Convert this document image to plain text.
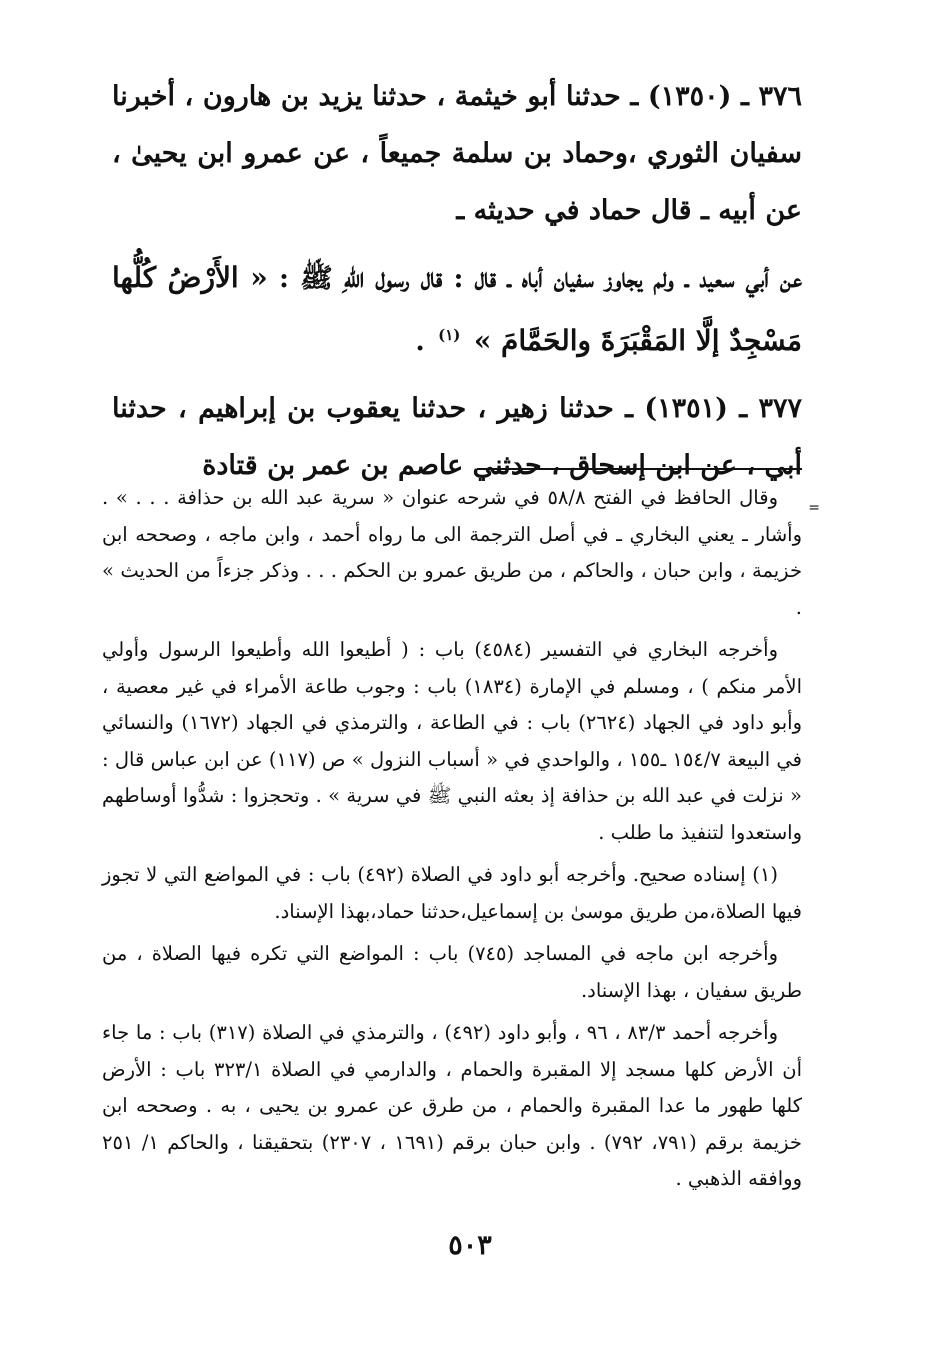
٣٧٦ ـ (١٣٥٠) ـ حدثنا أبو خيثمة ، حدثنا يزيد بن هارون ، أخبرنا سفيان الثوري ،وحماد بن سلمة جميعاً ، عن عمرو ابن يحيىٰ ، عن أبيه ـ قال حماد في حديثه ـ

عن أبي سعيد ـ ولم يجاوز سفيان أباه ـ قال : قال رسول اللّهِ ﷺ : « الأَرْضُ كُلُّها مَسْجِدٌ إلَّا المَقْبَرَةَ والحَمَّامَ » $^{(١)}$ .

٣٧٧ ـ (١٣٥١) ـ حدثنا زهير ، حدثنا يعقوب بن إبراهيم ، حدثنا أبي ، عن ابن إسحاق ، حدثني عاصم بن عمر بن قتادة

=

وقال الحافظ في الفتح ٥٨/٨ في شرحه عنوان « سرية عبد الله بن حذافة . . . » . وأشار ـ يعني البخاري ـ في أصل الترجمة الى ما رواه أحمد ، وابن ماجه ، وصححه ابن خزيمة ، وابن حبان ، والحاكم ، من طريق عمرو بن الحكم . . . وذكر جزءاً من الحديث » .

وأخرجه البخاري في التفسير (٤٥٨٤) باب : ( أطيعوا الله وأطيعوا الرسول وأولي الأمر منكم ) ، ومسلم في الإمارة (١٨٣٤) باب : وجوب طاعة الأمراء في غير معصية ، وأبو داود في الجهاد (٢٦٢٤) باب : في الطاعة ، والترمذي في الجهاد (١٦٧٢) والنسائي في البيعة ١٥٤/٧ ـ١٥٥ ، والواحدي في « أسباب النزول » ص (١١٧) عن ابن عباس قال : « نزلت في عبد الله بن حذافة إذ بعثه النبي ﷺ في سرية » . وتحجزوا : شدُّوا أوساطهم واستعدوا لتنفيذ ما طلب .

(١) إسناده صحيح. وأخرجه أبو داود في الصلاة (٤٩٢) باب : في المواضع التي لا تجوز فيها الصلاة،من طريق موسىٰ بن إسماعيل،حدثنا حماد،بهذا الإسناد.

وأخرجه ابن ماجه في المساجد (٧٤٥) باب : المواضع التي تكره فيها الصلاة ، من طريق سفيان ، بهذا الإسناد.

وأخرجه أحمد ٨٣/٣ ، ٩٦ ، وأبو داود (٤٩٢) ، والترمذي في الصلاة (٣١٧) باب : ما جاء أن الأرض كلها مسجد إلا المقبرة والحمام ، والدارمي في الصلاة ٣٢٣/١ باب : الأرض كلها طهور ما عدا المقبرة والحمام ، من طرق عن عمرو بن يحيى ، به . وصححه ابن خزيمة برقم (٧٩١، ٧٩٢) . وابن حبان برقم (١٦٩١ ، ٢٣٠٧) بتحقيقنا ، والحاكم ١/ ٢٥١ ووافقه الذهبي .

٥٠٣
